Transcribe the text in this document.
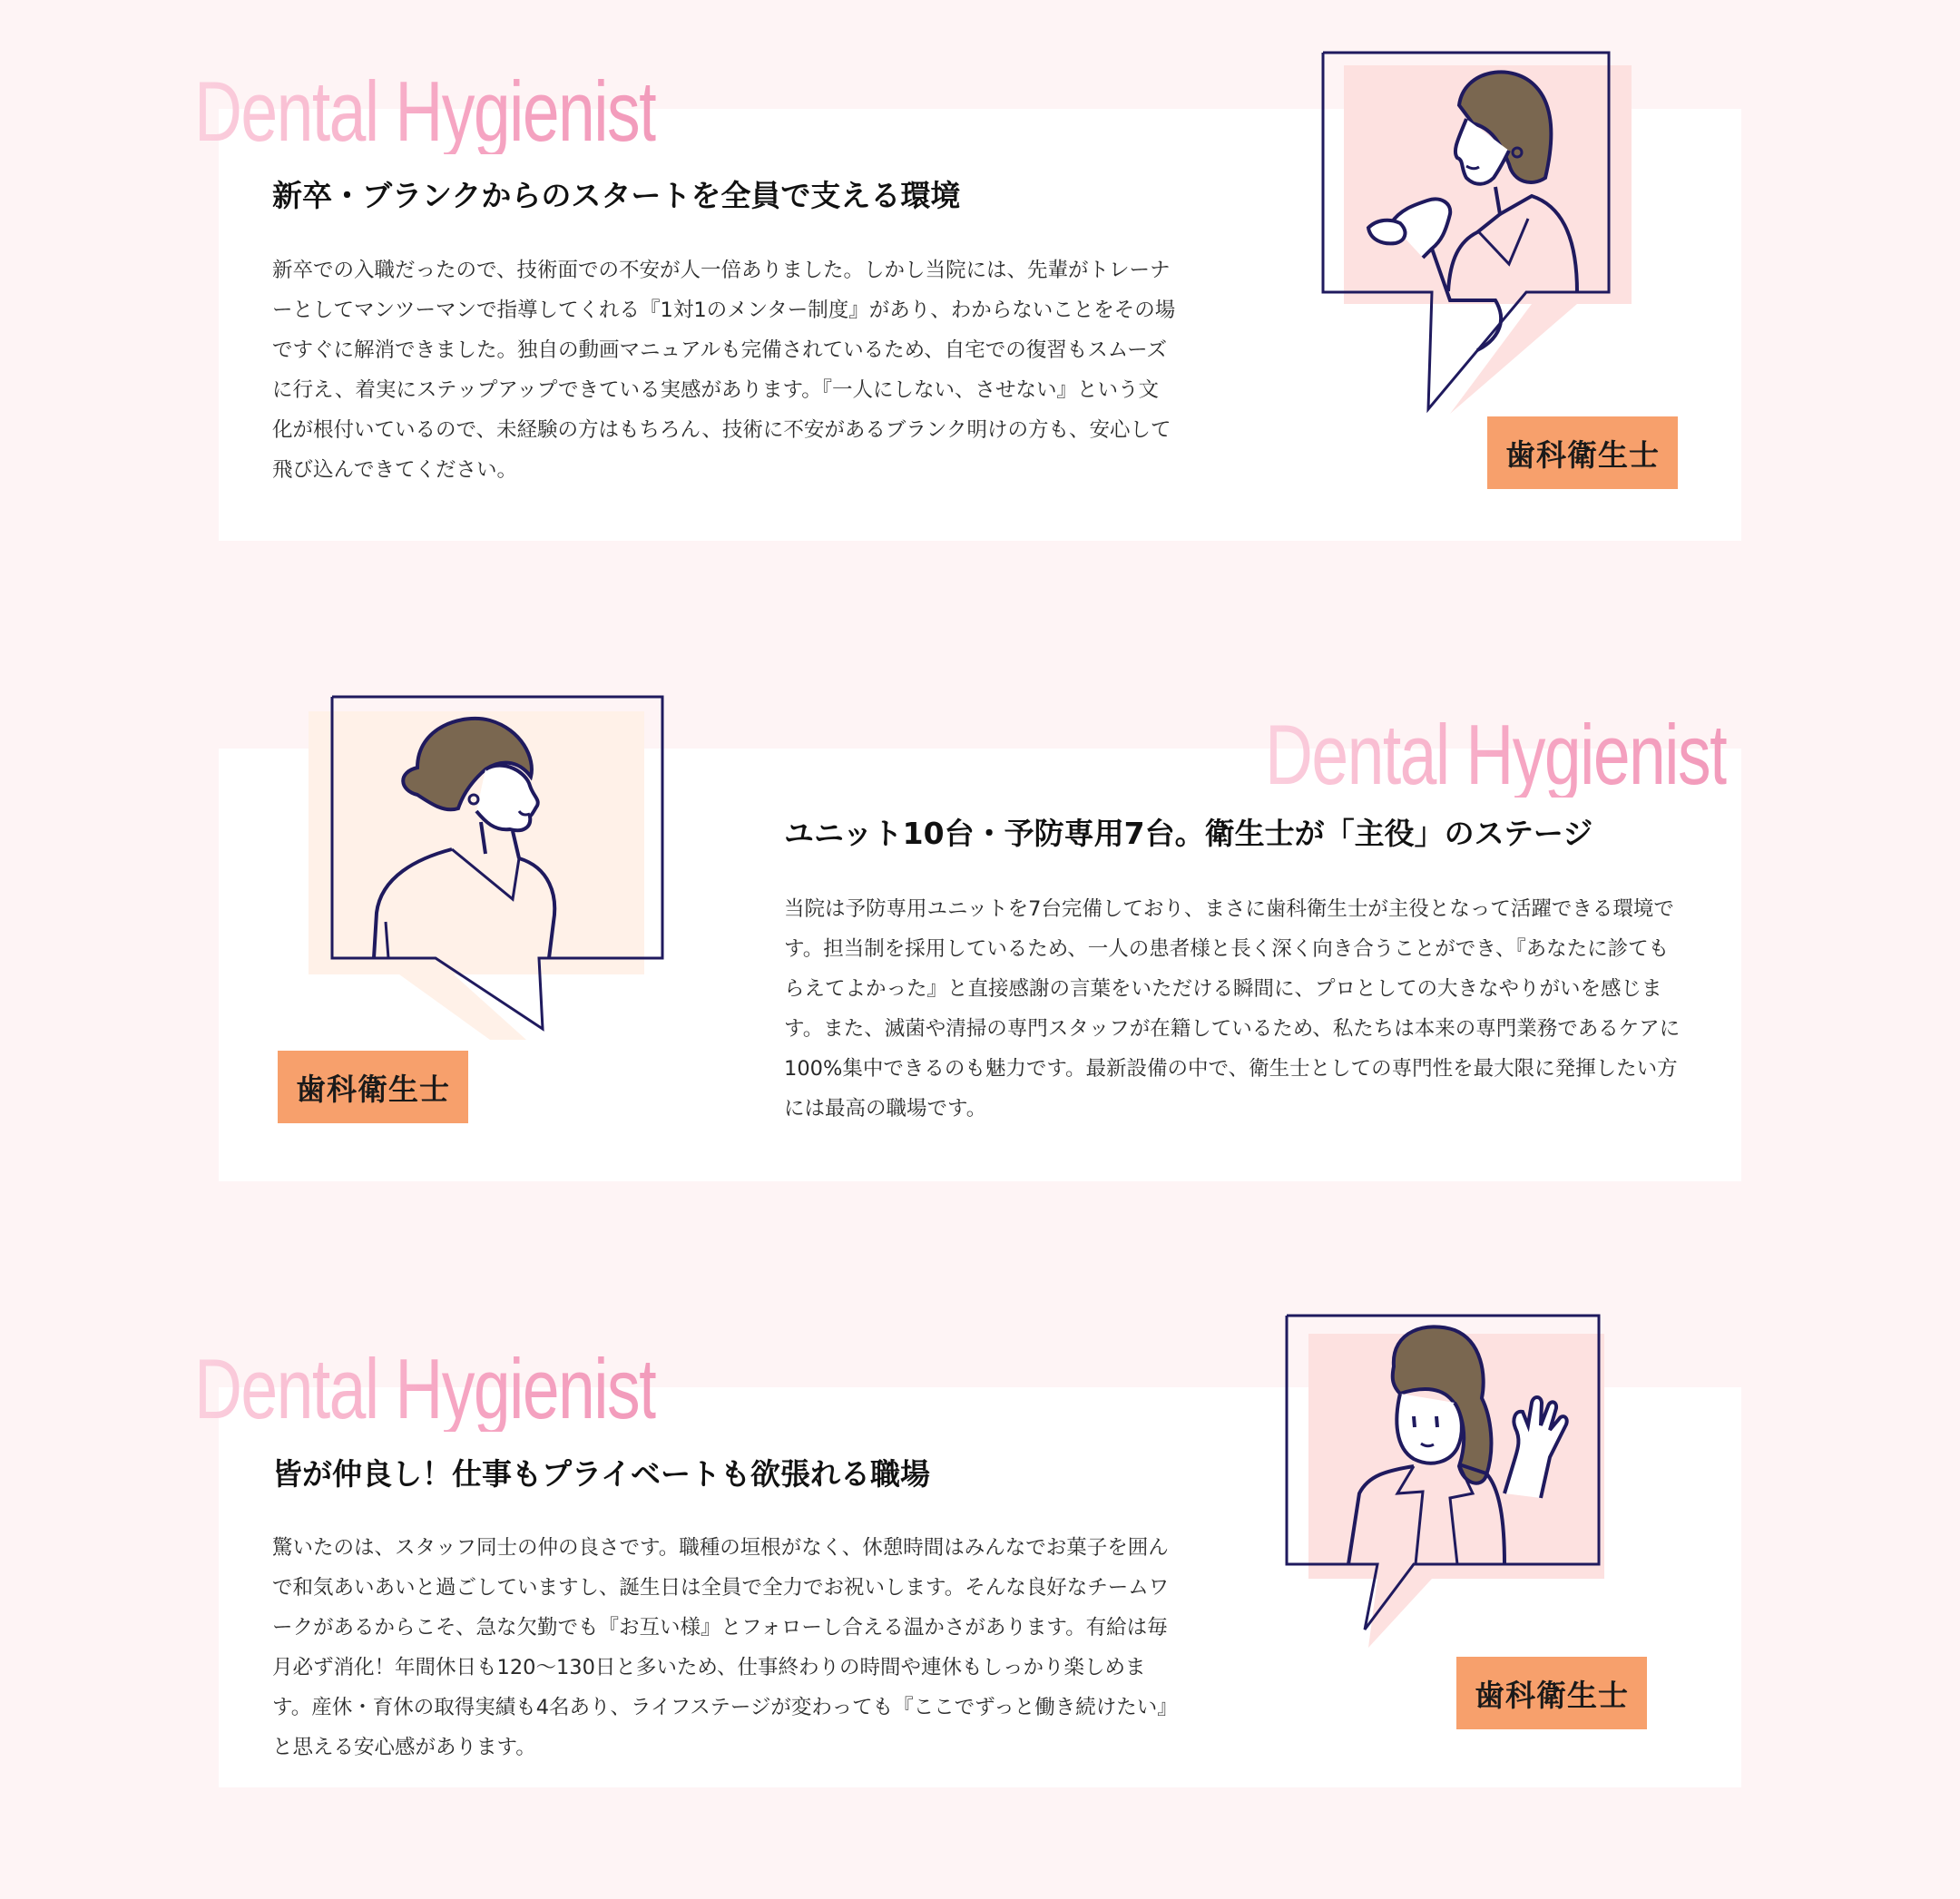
Dental Hygienist
新卒・ブランクからのスタートを全員で支える環境

新卒での入職だったので、技術面での不安が人一倍ありました。しかし当院には、先輩がトレーナーとしてマンツーマンで指導してくれる『1対1のメンター制度』があり、わからないことをその場ですぐに解消できました。独自の動画マニュアルも完備されているため、自宅での復習もスムーズに行え、着実にステップアップできている実感があります。『一人にしない、させない』という文化が根付いているので、未経験の方はもちろん、技術に不安があるブランク明けの方も、安心して飛び込んできてください。	歯科衛生士
Dental Hygienist
ユニット10台・予防専用7台。衛生士が「主役」のステージ

当院は予防専用ユニットを7台完備しており、まさに歯科衛生士が主役となって活躍できる環境です。担当制を採用しているため、一人の患者様と長く深く向き合うことができ、『あなたに診てもらえてよかった』と直接感謝の言葉をいただける瞬間に、プロとしての大きなやりがいを感じます。また、滅菌や清掃の専門スタッフが在籍しているため、私たちは本来の専門業務であるケアに100%集中できるのも魅力です。最新設備の中で、衛生士としての専門性を最大限に発揮したい方には最高の職場です。

歯科衛生士
Dental Hygienist
皆が仲良し！仕事もプライベートも欲張れる職場

驚いたのは、スタッフ同士の仲の良さです。職種の垣根がなく、休憩時間はみんなでお菓子を囲んで和気あいあいと過ごしていますし、誕生日は全員で全力でお祝いします。そんな良好なチームワークがあるからこそ、急な欠勤でも『お互い様』とフォローし合える温かさがあります。有給は毎月必ず消化！年間休日も120〜130日と多いため、仕事終わりの時間や連休もしっかり楽しめます。産休・育休の取得実績も4名あり、ライフステージが変わっても『ここでずっと働き続けたい』と思える安心感があります。

歯科衛生士
